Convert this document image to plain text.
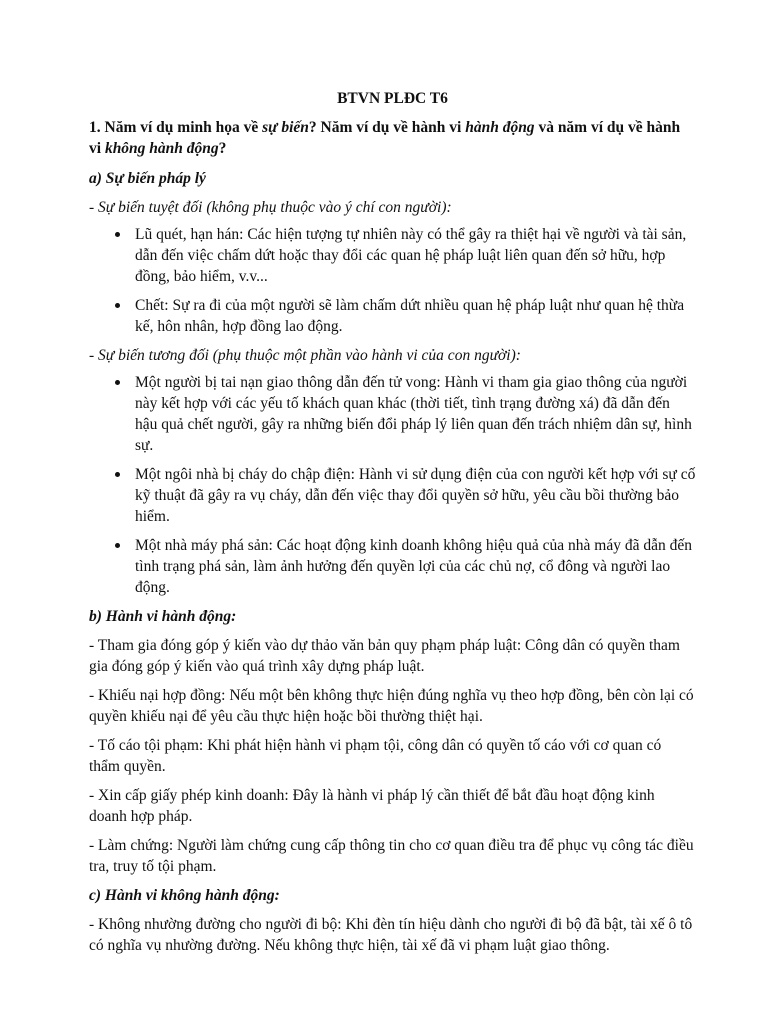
BTVN PLĐC T6
1. Năm ví dụ minh họa về sự biến? Năm ví dụ về hành vi hành động và năm ví dụ về hành vi không hành động?
a) Sự biến pháp lý
- Sự biến tuyệt đối (không phụ thuộc vào ý chí con người):
Lũ quét, hạn hán: Các hiện tượng tự nhiên này có thể gây ra thiệt hại về người và tài sản, dẫn đến việc chấm dứt hoặc thay đổi các quan hệ pháp luật liên quan đến sở hữu, hợp đồng, bảo hiểm, v.v...
Chết: Sự ra đi của một người sẽ làm chấm dứt nhiều quan hệ pháp luật như quan hệ thừa kế, hôn nhân, hợp đồng lao động.
- Sự biến tương đối (phụ thuộc một phần vào hành vi của con người):
Một người bị tai nạn giao thông dẫn đến tử vong: Hành vi tham gia giao thông của người này kết hợp với các yếu tố khách quan khác (thời tiết, tình trạng đường xá) đã dẫn đến hậu quả chết người, gây ra những biến đổi pháp lý liên quan đến trách nhiệm dân sự, hình sự.
Một ngôi nhà bị cháy do chập điện: Hành vi sử dụng điện của con người kết hợp với sự cố kỹ thuật đã gây ra vụ cháy, dẫn đến việc thay đổi quyền sở hữu, yêu cầu bồi thường bảo hiểm.
Một nhà máy phá sản: Các hoạt động kinh doanh không hiệu quả của nhà máy đã dẫn đến tình trạng phá sản, làm ảnh hưởng đến quyền lợi của các chủ nợ, cổ đông và người lao động.
b) Hành vi hành động:
- Tham gia đóng góp ý kiến vào dự thảo văn bản quy phạm pháp luật: Công dân có quyền tham gia đóng góp ý kiến vào quá trình xây dựng pháp luật.
- Khiếu nại hợp đồng: Nếu một bên không thực hiện đúng nghĩa vụ theo hợp đồng, bên còn lại có quyền khiếu nại để yêu cầu thực hiện hoặc bồi thường thiệt hại.
- Tố cáo tội phạm: Khi phát hiện hành vi phạm tội, công dân có quyền tố cáo với cơ quan có thẩm quyền.
- Xin cấp giấy phép kinh doanh: Đây là hành vi pháp lý cần thiết để bắt đầu hoạt động kinh doanh hợp pháp.
- Làm chứng: Người làm chứng cung cấp thông tin cho cơ quan điều tra để phục vụ công tác điều tra, truy tố tội phạm.
c) Hành vi không hành động:
- Không nhường đường cho người đi bộ: Khi đèn tín hiệu dành cho người đi bộ đã bật, tài xế ô tô có nghĩa vụ nhường đường. Nếu không thực hiện, tài xế đã vi phạm luật giao thông.
